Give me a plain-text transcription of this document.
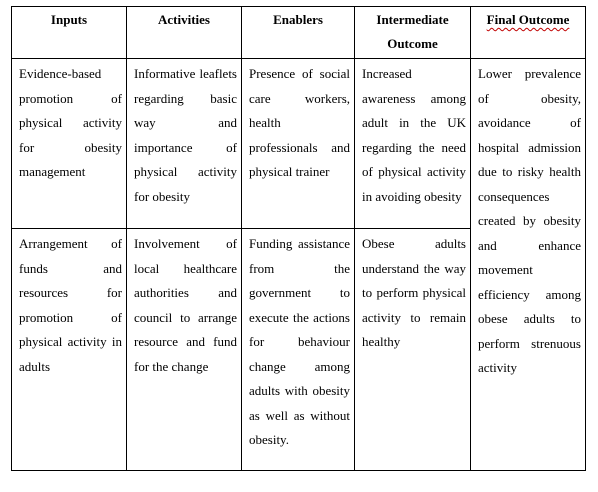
Inputs	Activities	Enablers	Intermediate Outcome	Final Outcome
Evidence-based promotion of physical activity for obesity management	Informative leaflets regarding basic way and importance of physical activity for obesity	Presence of social care workers, health professionals and physical trainer	Increased awareness among adult in the UK regarding the need of physical activity in avoiding obesity	Lower prevalence of obesity, avoidance of hospital admission due to risky health consequences created by obesity and enhance movement efficiency among obese adults to perform strenuous activity
Arrangement of funds and resources for promotion of physical activity in adults	Involvement of local healthcare authorities and council to arrange resource and fund for the change	Funding assistance from the government to execute the actions for behaviour change among adults with obesity as well as without obesity.	Obese adults understand the way to perform physical activity to remain healthy	
